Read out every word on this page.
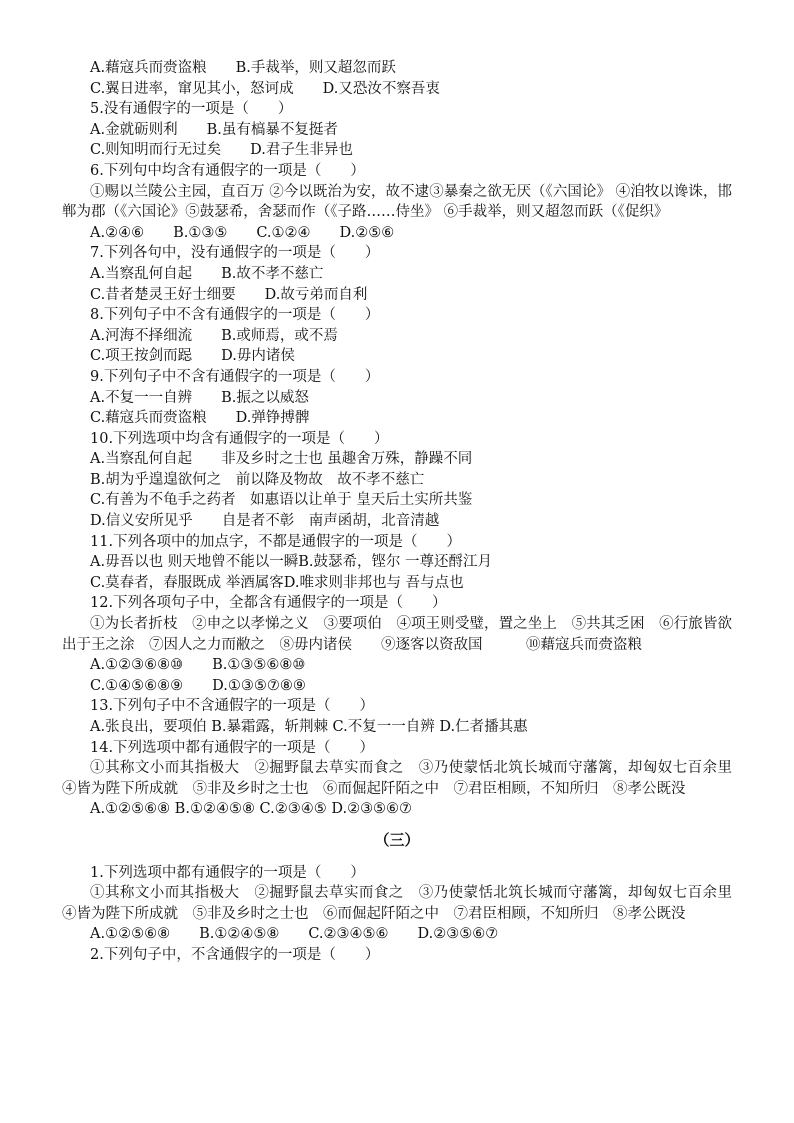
A.藉寇兵而赍盗粮　　B.手裁举，则又超忽而跃
C.翼日进率，窜见其小，怒诃成　　D.又恐汝不察吾衷
5.没有通假字的一项是（　　）
A.金就砺则利　　B.虽有槁暴不复挺者
C.则知明而行无过矣　　D.君子生非异也
6.下列句中均含有通假字的一项是（　　）
①赐以兰陵公主园，直百万 ②今以既治为安，故不逮③暴秦之欲无厌（《六国论》 ④洎牧以谗诛，邯郸为郡（《六国论》⑤鼓瑟希，舍瑟而作（《子路……侍坐》 ⑥手裁举，则又超忽而跃（《促织》
A.②④⑥　　B.①③⑤　　C.①②④　　D.②⑤⑥
7.下列各句中，没有通假字的一项是（　　）
A.当察乱何自起　　B.故不孝不慈亡
C.昔者楚灵王好士细要　　D.故亏弟而自利
8.下列句子中不含有通假字的一项是（　　）
A.河海不择细流　　B.或师焉，或不焉
C.项王按剑而跽　　D.毋内诸侯
9.下列句子中不含有通假字的一项是（　　）
A.不复一一自辨　　B.振之以威怒
C.藉寇兵而赍盗粮　　D.弹铮搏髀
10.下列选项中均含有通假字的一项是（　　）
A.当察乱何自起　　非及乡时之士也 虽趣舍万殊，静躁不同
B.胡为乎遑遑欲何之　前以降及物故　故不孝不慈亡
C.有善为不龟手之药者　如惠语以让单于 皇天后土实所共鉴
D.信义安所见乎　　自是者不彰　南声函胡，北音清越
11.下列各项中的加点字，不都是通假字的一项是（　　）
A.毋吾以也 则天地曾不能以一瞬B.鼓瑟希，铿尔 一尊还酹江月
C.莫春者，春服既成 举酒属客D.唯求则非邦也与 吾与点也
12.下列各项句子中，全都含有通假字的一项是（　　）
①为长者折枝　②申之以孝悌之义　③要项伯　④项王则受璧，置之坐上　⑤共其乏困　⑥行旅皆欲出于王之涂　⑦因人之力而敝之　⑧毋内诸侯　　⑨逐客以资敌国　　　⑩藉寇兵而赍盗粮
A.①②③⑥⑧⑩　　B.①③⑤⑥⑧⑩
C.①④⑤⑥⑧⑨　　D.①③⑤⑦⑧⑨
13.下列句子中不含通假字的一项是（　　）
A.张良出，要项伯 B.暴霜露，斩荆棘 C.不复一一自辨 D.仁者播其惠
14.下列选项中都有通假字的一项是（　　）
①其称文小而其指极大　②掘野鼠去草实而食之　③乃使蒙恬北筑长城而守藩篱，却匈奴七百余里　④皆为陛下所成就　⑤非及乡时之士也　⑥而倔起阡陌之中　⑦君臣相顾，不知所归　⑧孝公既没
A.①②⑤⑥⑧ B.①②④⑤⑧ C.②③④⑤ D.②③⑤⑥⑦
（三）
1.下列选项中都有通假字的一项是（　　）
①其称文小而其指极大　②掘野鼠去草实而食之　③乃使蒙恬北筑长城而守藩篱，却匈奴七百余里　④皆为陛下所成就　⑤非及乡时之士也　⑥而倔起阡陌之中　⑦君臣相顾，不知所归　⑧孝公既没
A.①②⑤⑥⑧　　B.①②④⑤⑧　　C.②③④⑤⑥　　D.②③⑤⑥⑦
2.下列句子中，不含通假字的一项是（　　）
